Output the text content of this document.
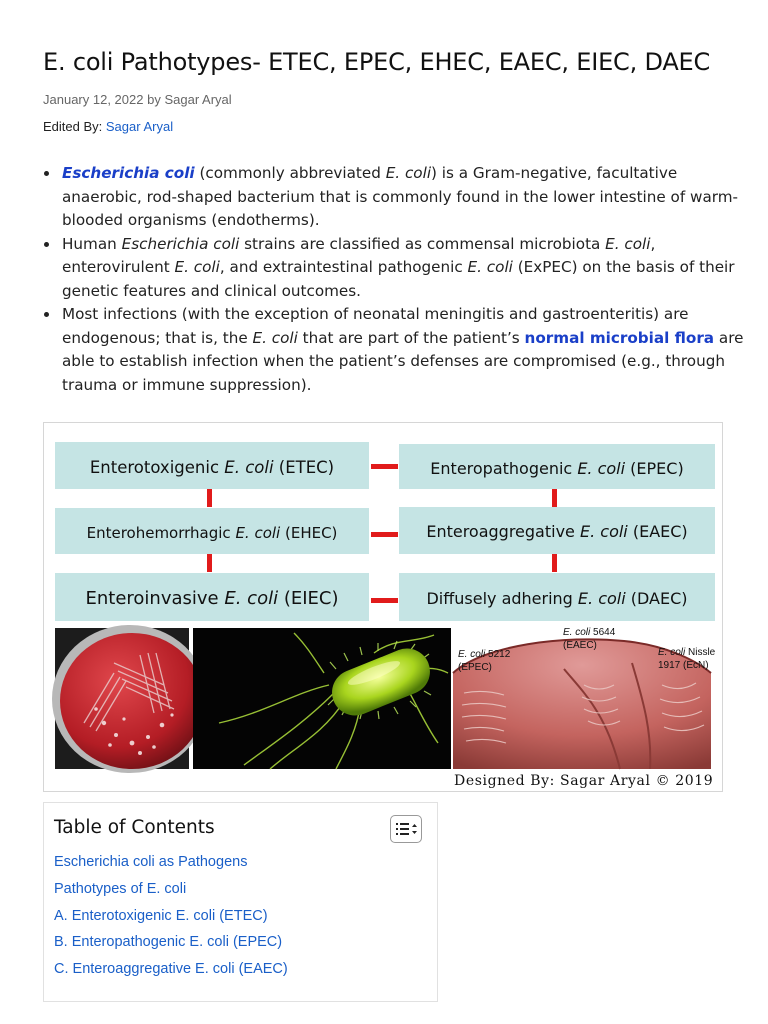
E. coli Pathotypes- ETEC, EPEC, EHEC, EAEC, EIEC, DAEC
January 12, 2022 by Sagar Aryal
Edited By: Sagar Aryal
• Escherichia coli (commonly abbreviated E. coli) is a Gram-negative, facultative anaerobic, rod-shaped bacterium that is commonly found in the lower intestine of warm-blooded organisms (endotherms).
• Human Escherichia coli strains are classified as commensal microbiota E. coli, enterovirulent E. coli, and extraintestinal pathogenic E. coli (ExPEC) on the basis of their genetic features and clinical outcomes.
• Most infections (with the exception of neonatal meningitis and gastroenteritis) are endogenous; that is, the E. coli that are part of the patient’s normal microbial flora are able to establish infection when the patient’s defenses are compromised (e.g., through trauma or immune suppression).
Enterotoxigenic E. coli (ETEC)	Enteropathogenic E. coli (EPEC)
Enterohemorrhagic E. coli (EHEC)	Enteroaggregative E. coli (EAEC)
Enteroinvasive E. coli (EIEC)	Diffusely adhering E. coli (DAEC)
E. coli 5212
(EPEC)
E. coli 5644
(EAEC)
E. coli Nissle
1917 (EcN)
Designed By: Sagar Aryal © 2019
Table of Contents
Escherichia coli as Pathogens
Pathotypes of E. coli
A. Enterotoxigenic E. coli (ETEC)
B. Enteropathogenic E. coli (EPEC)
C. Enteroaggregative E. coli (EAEC)
